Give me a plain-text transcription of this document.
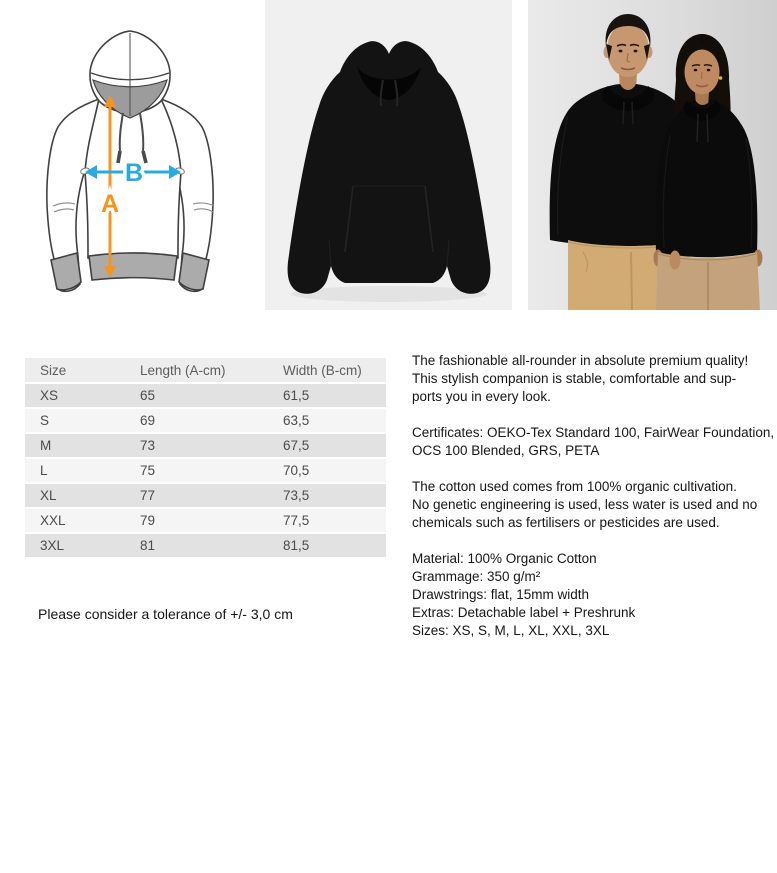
A
B
Size	Length (A-cm)	Width (B-cm)
XS	65	61,5
S	69	63,5
M	73	67,5
L	75	70,5
XL	77	73,5
XXL	79	77,5
3XL	81	81,5
Please consider a tolerance of +/- 3,0 cm
The fashionable all-rounder in absolute premium quality!
This stylish companion is stable, comfortable and sup-
ports you in every look.
Certificates: OEKO-Tex Standard 100, FairWear Foundation,
OCS 100 Blended, GRS, PETA
The cotton used comes from 100% organic cultivation.
No genetic engineering is used, less water is used and no
chemicals such as fertilisers or pesticides are used.
Material: 100% Organic Cotton
Grammage: 350 g/m²
Drawstrings: flat, 15mm width
Extras: Detachable label + Preshrunk
Sizes: XS, S, M, L, XL, XXL, 3XL
